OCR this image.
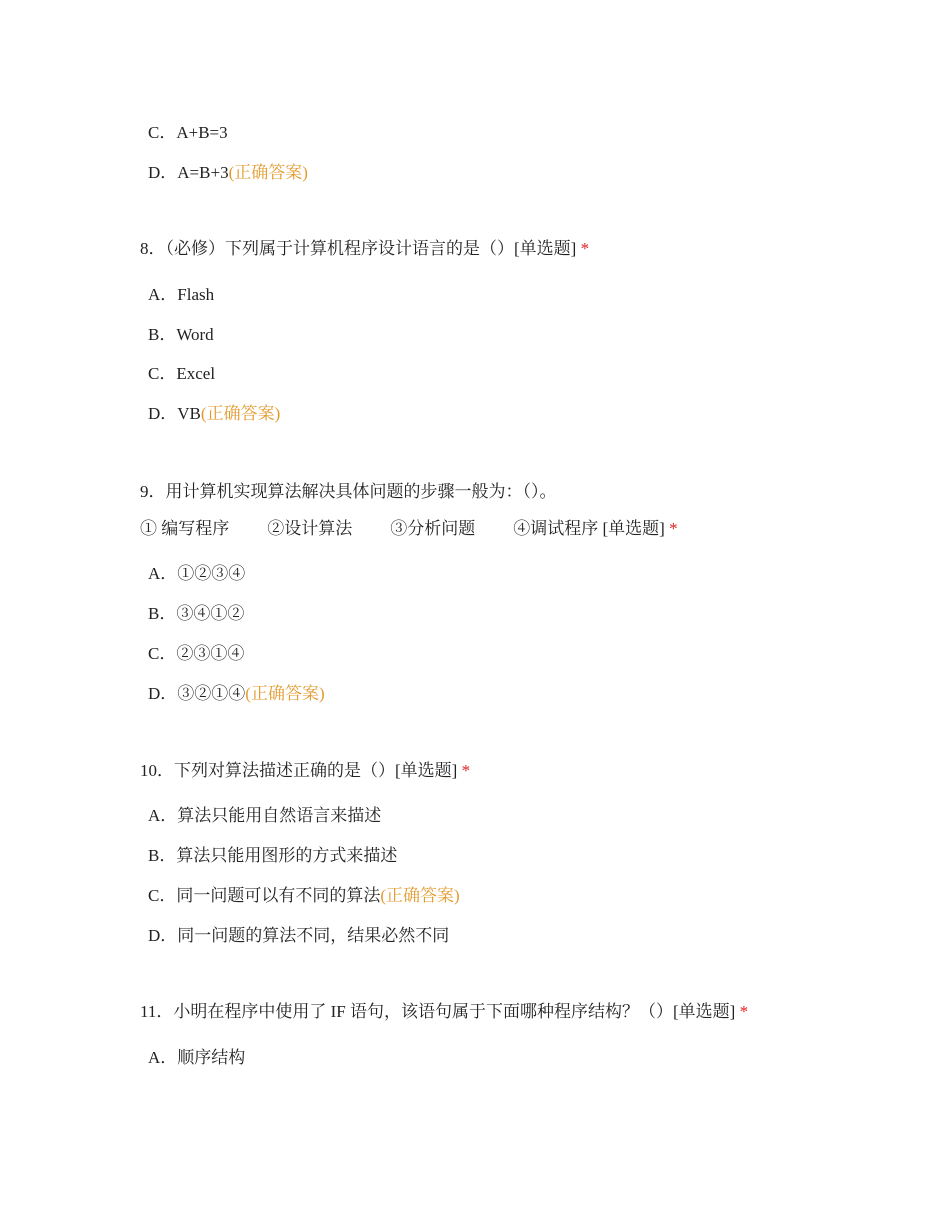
C．A+B=3
D．A=B+3(正确答案)
8．（必修）下列属于计算机程序设计语言的是（）[单选题] *
A．Flash
B．Word
C．Excel
D．VB(正确答案)
9．用计算机实现算法解决具体问题的步骤一般为：（）。
① 编写程序 ②设计算法 ③分析问题 ④调试程序 [单选题] *
A．①②③④
B．③④①②
C．②③①④
D．③②①④(正确答案)
10．下列对算法描述正确的是（）[单选题] *
A．算法只能用自然语言来描述
B．算法只能用图形的方式来描述
C．同一问题可以有不同的算法(正确答案)
D．同一问题的算法不同，结果必然不同
11．小明在程序中使用了 IF 语句，该语句属于下面哪种程序结构？（）[单选题] *
A．顺序结构
